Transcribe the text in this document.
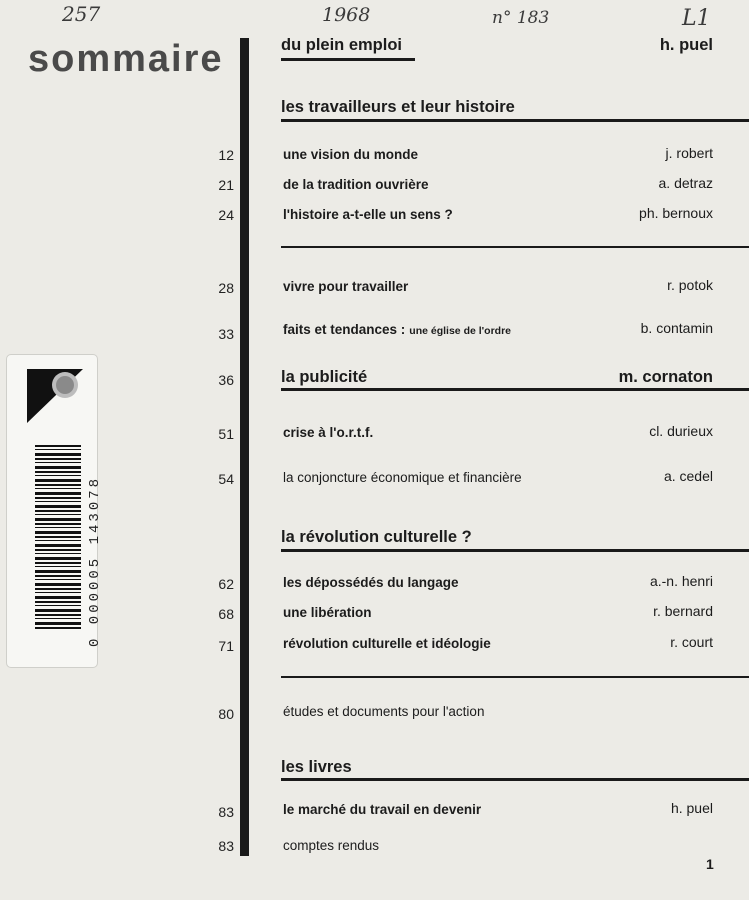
257	1968	n° 183	L1
sommaire
0 000005 143078
du plein emploi	h. puel
les travailleurs et leur histoire
12	une vision du monde	j. robert
21	de la tradition ouvrière	a. detraz
24	l'histoire a-t-elle un sens ?	ph. bernoux
28	vivre pour travailler	r. potok
33	faits et tendances : une église de l'ordre	b. contamin
36	la publicité	m. cornaton
51	crise à l'o.r.t.f.	cl. durieux
54	la conjoncture économique et financière	a. cedel
la révolution culturelle ?
62	les dépossédés du langage	a.-n. henri
68	une libération	r. bernard
71	révolution culturelle et idéologie	r. court
80	études et documents pour l'action
les livres
83	le marché du travail en devenir	h. puel
83	comptes rendus
1
